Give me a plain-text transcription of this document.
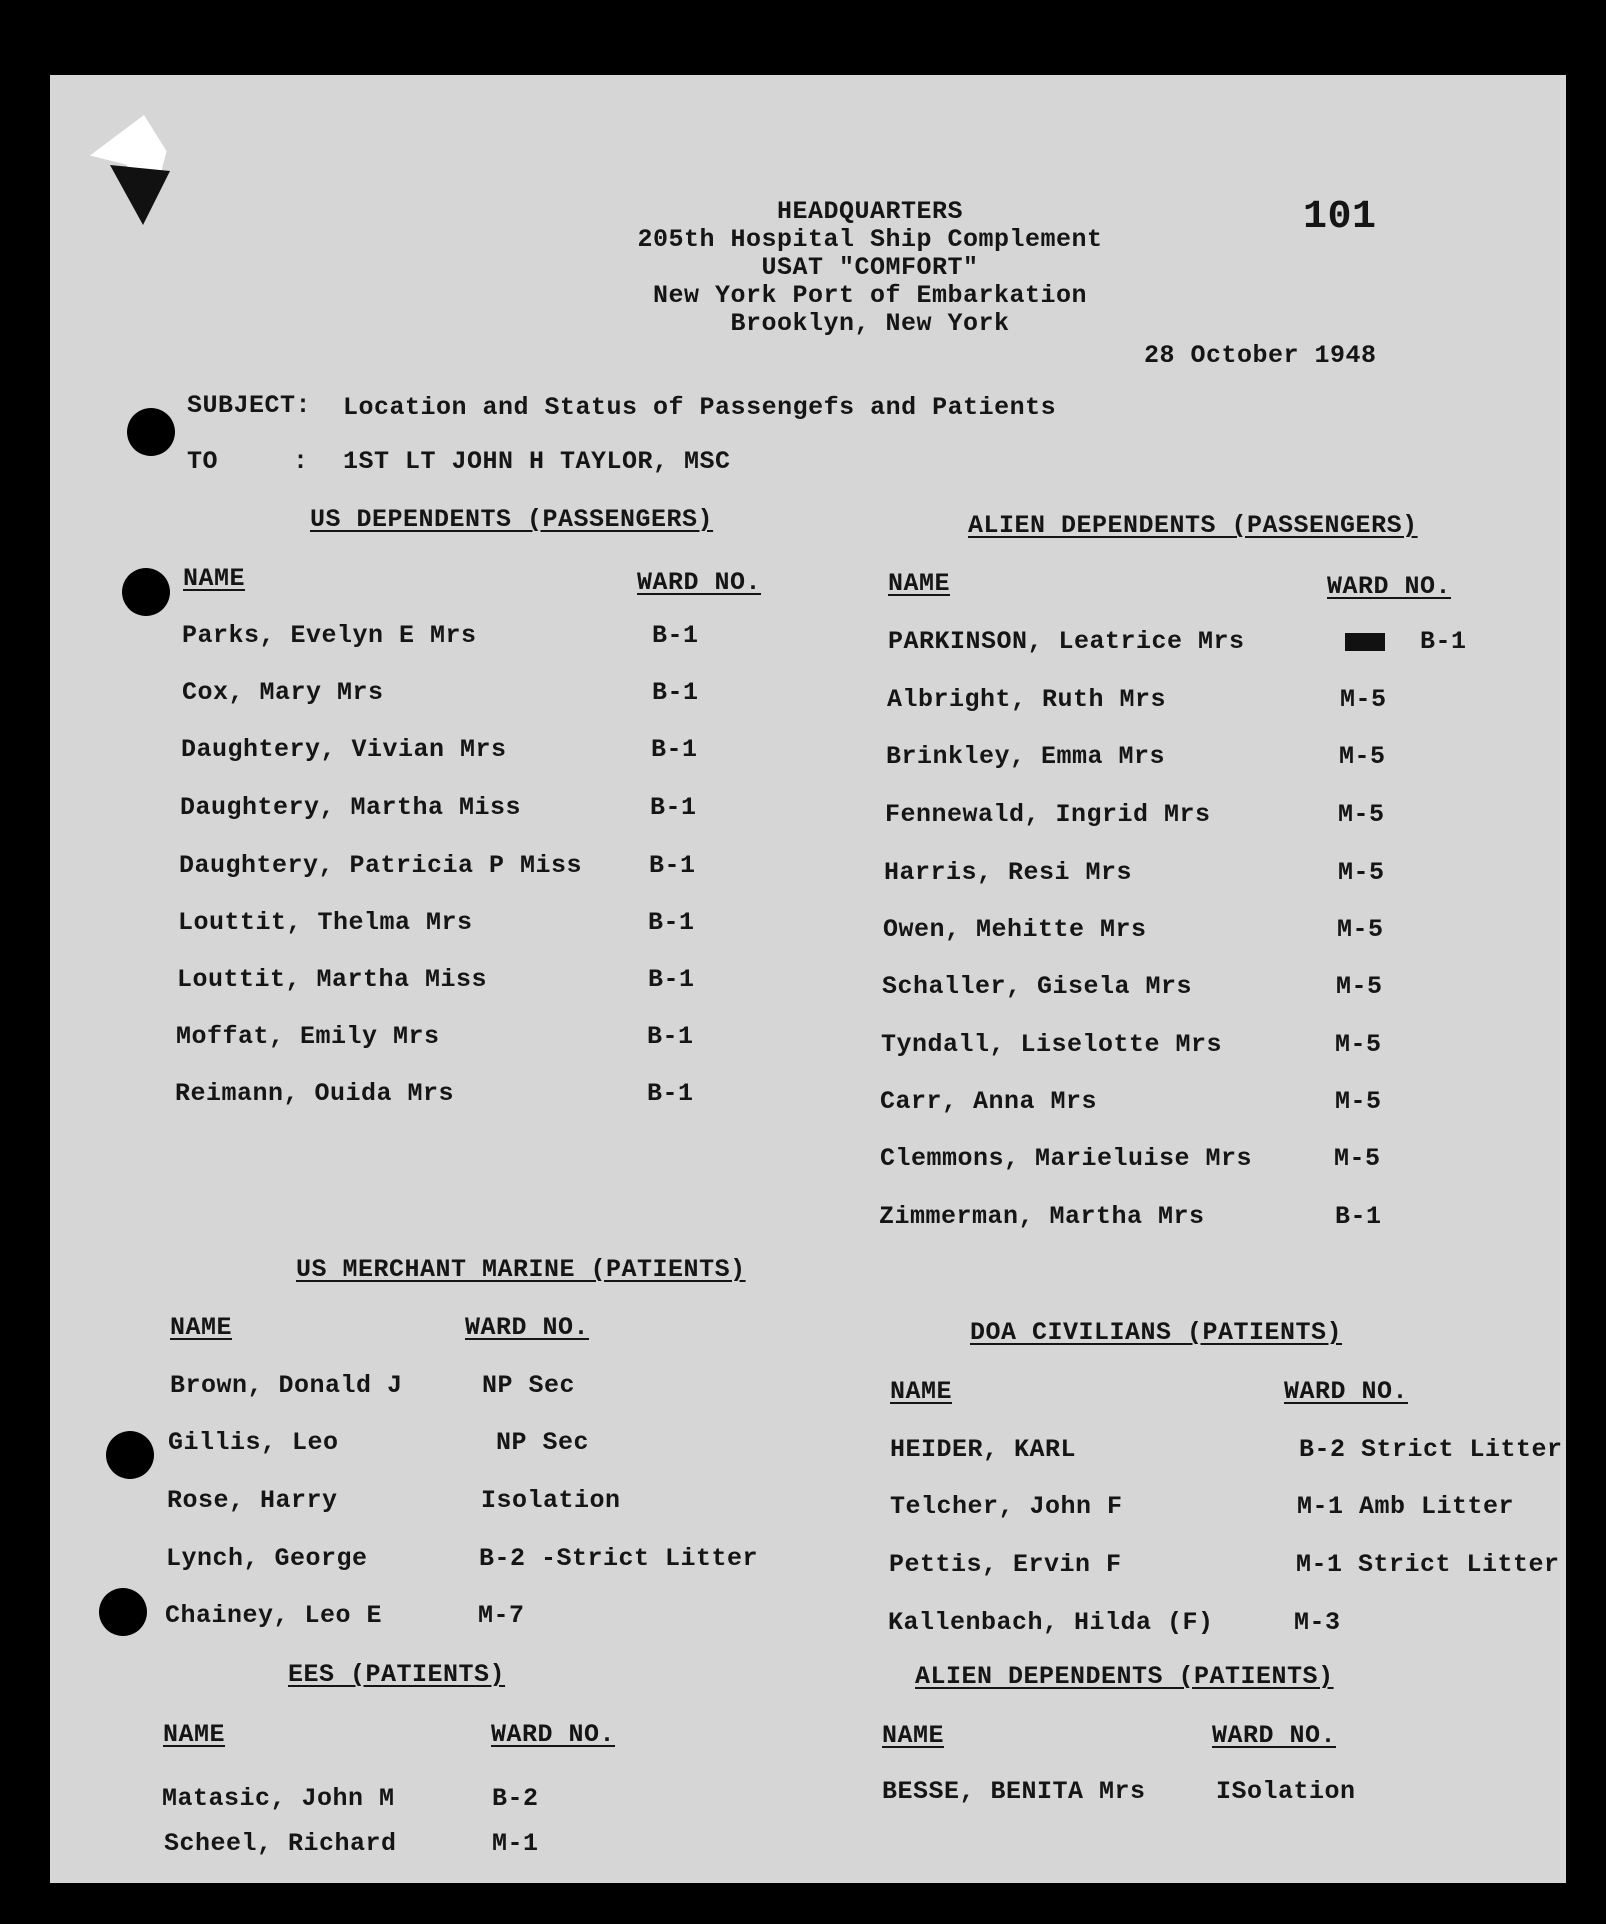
HEADQUARTERS
205th Hospital Ship Complement
USAT "COMFORT"
New York Port of Embarkation
Brooklyn, New York
101
28 October 1948
SUBJECT: Location and Status of Passengefs and Patients
TO	: 1ST LT JOHN H TAYLOR, MSC
US DEPENDENTS (PASSENGERS)
NAME	WARD NO.
Parks, Evelyn E Mrs	B-1
Cox, Mary Mrs	B-1
Daughtery, Vivian Mrs	B-1
Daughtery, Martha Miss	B-1
Daughtery, Patricia P Miss	B-1
Louttit, Thelma Mrs	B-1
Louttit, Martha Miss	B-1
Moffat, Emily Mrs	B-1
Reimann, Ouida Mrs	B-1
ALIEN DEPENDENTS (PASSENGERS)
NAME	WARD NO.
PARKINSON, Leatrice Mrs	B-1
Albright, Ruth Mrs	M-5
Brinkley, Emma Mrs	M-5
Fennewald, Ingrid Mrs	M-5
Harris, Resi Mrs	M-5
Owen, Mehitte Mrs	M-5
Schaller, Gisela Mrs	M-5
Tyndall, Liselotte Mrs	M-5
Carr, Anna Mrs	M-5
Clemmons, Marieluise Mrs	M-5
Zimmerman, Martha Mrs	B-1
US MERCHANT MARINE (PATIENTS)
NAME	WARD NO.
Brown, Donald J	NP Sec
Gillis, Leo	NP Sec
Rose, Harry	Isolation
Lynch, George	B-2 -Strict Litter
Chainey, Leo E	M-7
DOA CIVILIANS (PATIENTS)
NAME	WARD NO.
HEIDER, KARL	B-2 Strict Litter
Telcher, John F	M-1 Amb Litter
Pettis, Ervin F	M-1 Strict Litter
Kallenbach, Hilda (F)	M-3
EES (PATIENTS)
NAME	WARD NO.
Matasic, John M	B-2
Scheel, Richard	M-1
ALIEN DEPENDENTS (PATIENTS)
NAME	WARD NO.
BESSE, BENITA Mrs	ISolation
